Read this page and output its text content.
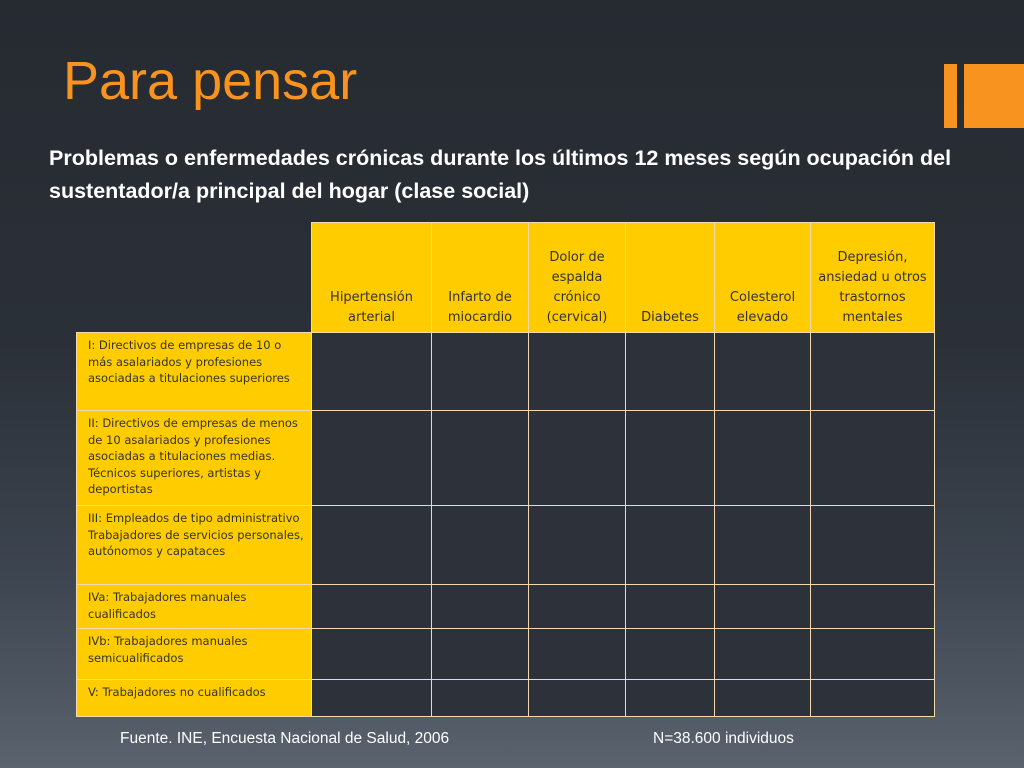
Para pensar

Problemas o enfermedades crónicas durante los últimos 12 meses según ocupación del sustentador/a principal del hogar (clase social)

	Hipertensión arterial	Infarto de miocardio	Dolor de espalda crónico (cervical)	Diabetes	Colesterol elevado	Depresión, ansiedad u otros trastornos mentales
I: Directivos de empresas de 10 o más asalariados y profesiones asociadas a titulaciones superiores						
II: Directivos de empresas de menos de 10 asalariados y profesiones asociadas a titulaciones medias. Técnicos superiores, artistas y deportistas						
III: Empleados de tipo administrativo Trabajadores de servicios personales, autónomos y capataces						
IVa: Trabajadores manuales cualificados						
IVb: Trabajadores manuales semicualificados						
V: Trabajadores no cualificados						

Fuente. INE, Encuesta Nacional de Salud, 2006	N=38.600 individuos
